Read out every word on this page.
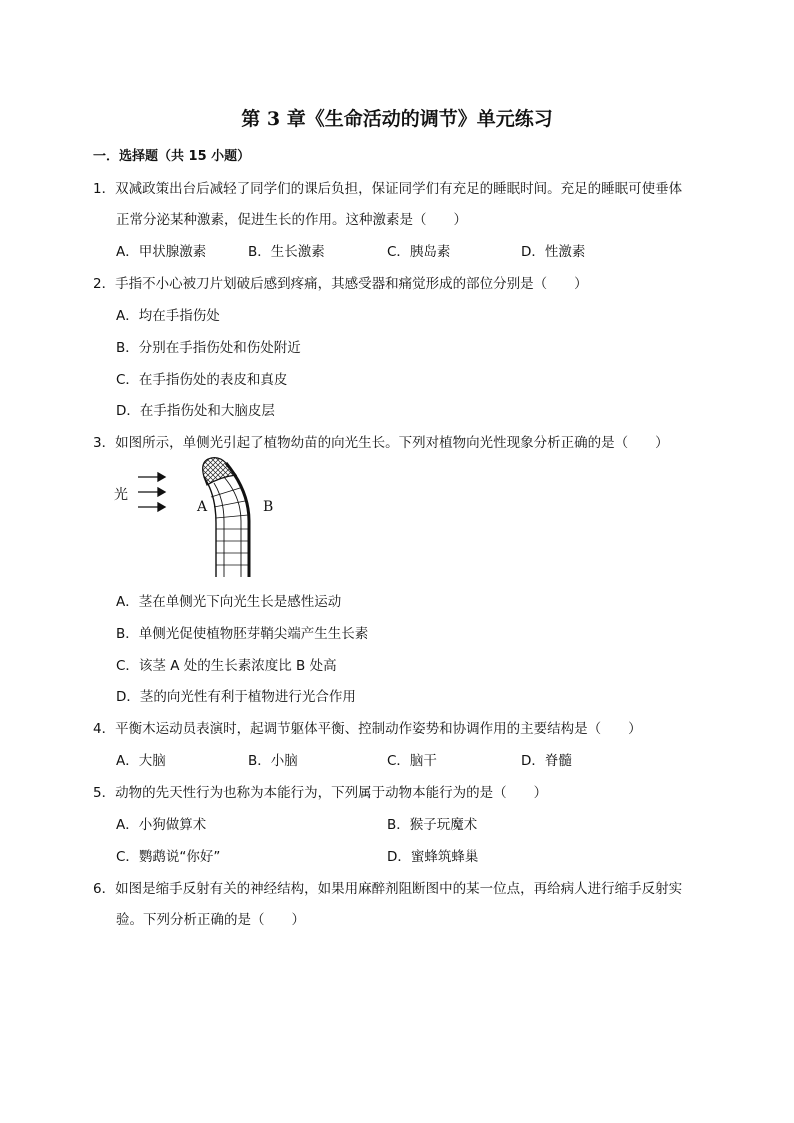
第 3 章《生命活动的调节》单元练习
一．选择题（共 15 小题）
1．双减政策出台后减轻了同学们的课后负担，保证同学们有充足的睡眠时间。充足的睡眠可使垂体
正常分泌某种激素，促进生长的作用。这种激素是（　　）
A．甲状腺激素	B．生长激素	C．胰岛素	D．性激素
2．手指不小心被刀片划破后感到疼痛，其感受器和痛觉形成的部位分别是（　　）
A．均在手指伤处
B．分别在手指伤处和伤处附近
C．在手指伤处的表皮和真皮
D．在手指伤处和大脑皮层
3．如图所示，单侧光引起了植物幼苗的向光生长。下列对植物向光性现象分析正确的是（　　）
光
A	B
A．茎在单侧光下向光生长是感性运动
B．单侧光促使植物胚芽鞘尖端产生生长素
C．该茎 A 处的生长素浓度比 B 处高
D．茎的向光性有利于植物进行光合作用
4．平衡木运动员表演时，起调节躯体平衡、控制动作姿势和协调作用的主要结构是（　　）
A．大脑	B．小脑	C．脑干	D．脊髓
5．动物的先天性行为也称为本能行为，下列属于动物本能行为的是（　　）
A．小狗做算术	B．猴子玩魔术
C．鹦鹉说“你好”	D．蜜蜂筑蜂巢
6．如图是缩手反射有关的神经结构，如果用麻醉剂阻断图中的某一位点，再给病人进行缩手反射实
验。下列分析正确的是（　　）
